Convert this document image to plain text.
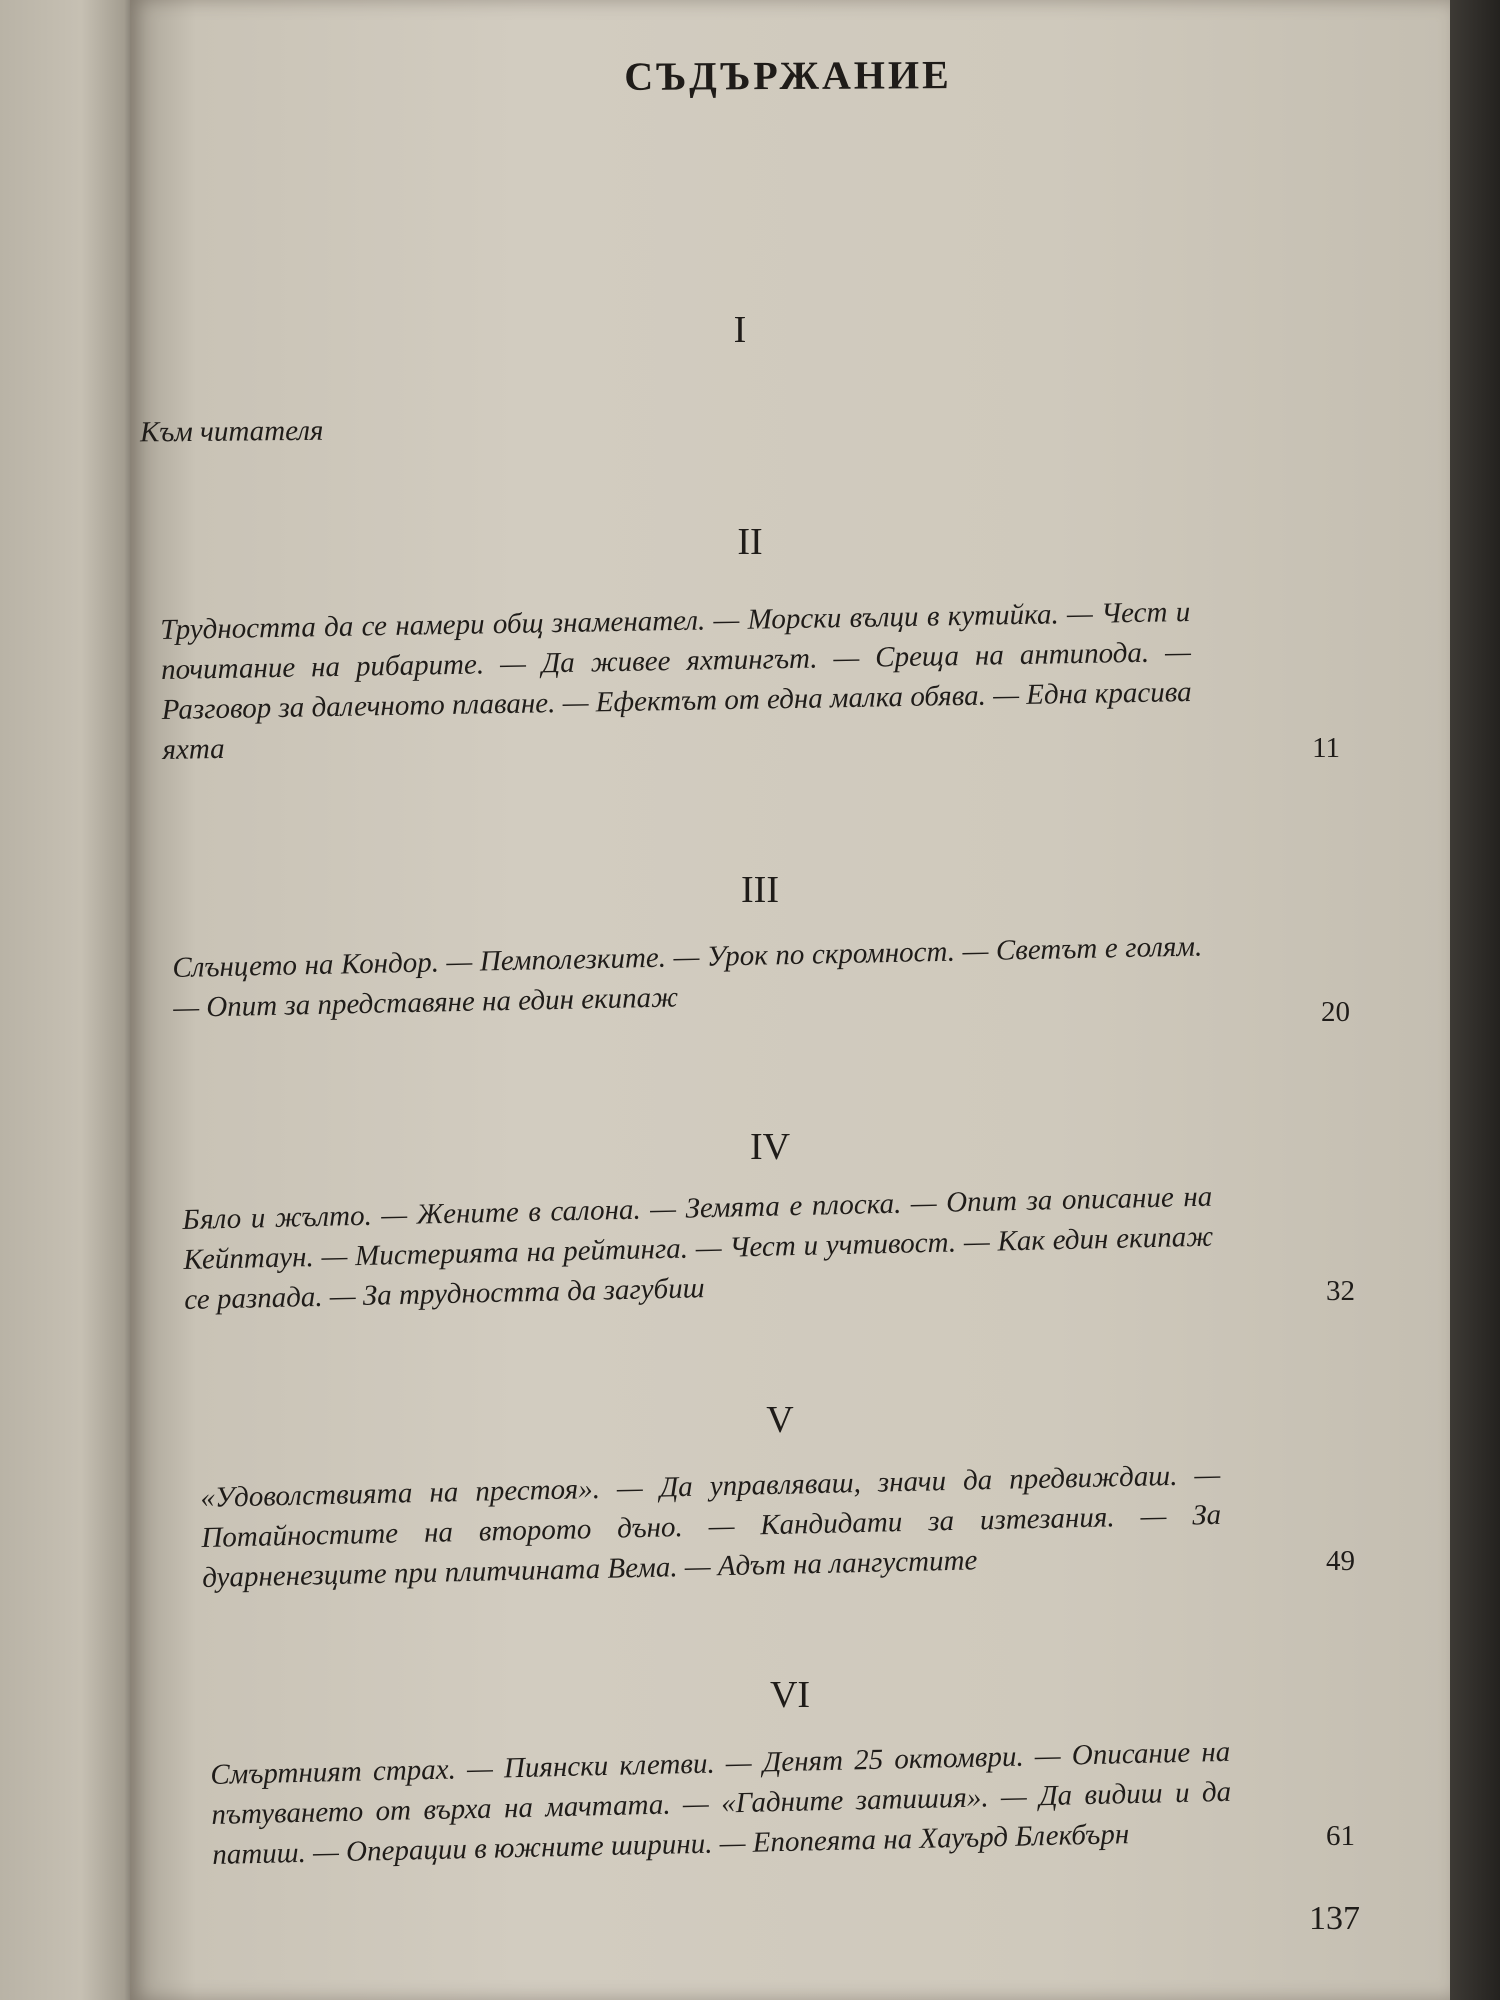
СЪДЪРЖАНИЕ
I
Към читателя
II
Трудността да се намери общ знаменател. — Морски вълци в кутийка. — Чест и почитание на рибарите. — Да живее яхтингът. — Среща на антипода. — Разговор за далечното плаване. — Ефектът от една малка обява. — Една красива яхта	11
III
Слънцето на Кондор. — Пемполезките. — Урок по скромност. — Светът е голям. — Опит за представяне на един екипаж	20
IV
Бяло и жълто. — Жените в салона. — Земята е плоска. — Опит за описание на Кейптаун. — Мистерията на рейтинга. — Чест и учтивост. — Как един екипаж се разпада. — За трудността да загубиш	32
V
«Удоволствията на престоя». — Да управляваш, значи да предвиждаш. — Потайностите на второто дъно. — Кандидати за изтезания. — За дуарненезците при плитчината Вема. — Адът на лангустите	49
VI
Смъртният страх. — Пиянски клетви. — Денят 25 октомври. — Описание на пътуването от върха на мачтата. — «Гадните затишия». — Да видиш и да патиш. — Операции в южните ширини. — Епопеята на Хауърд Блекбърн	61
137
